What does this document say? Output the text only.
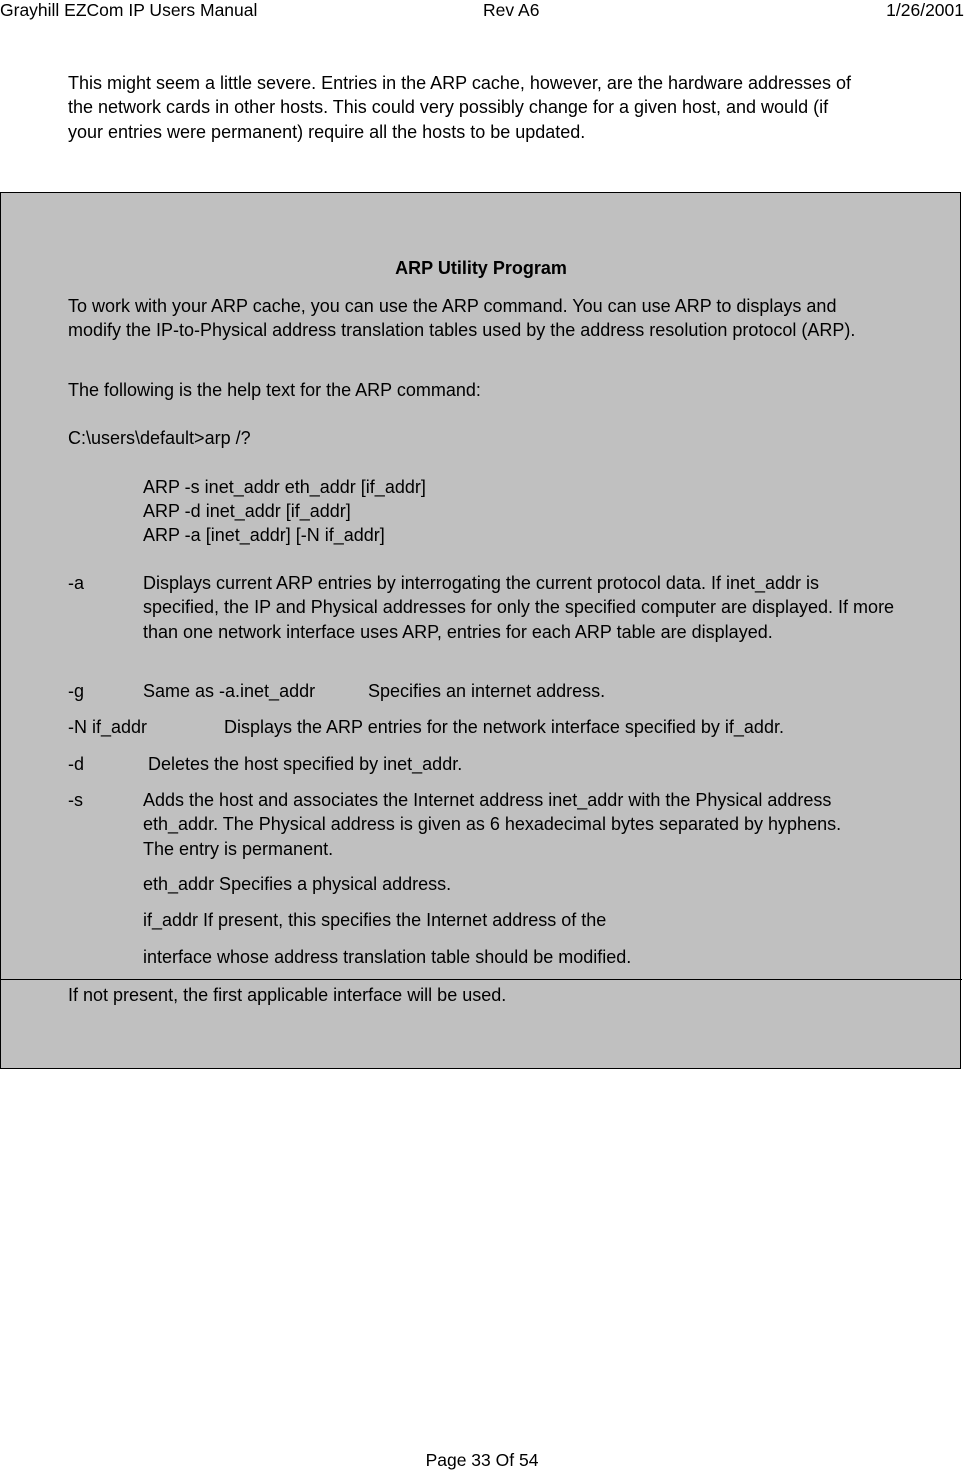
Grayhill EZCom IP Users Manual	Rev A6	1/26/2001

This might seem a little severe. Entries in the ARP cache, however, are the hardware addresses of the network cards in other hosts. This could very possibly change for a given host, and would (if your entries were permanent) require all the hosts to be updated.

ARP Utility Program

To work with your ARP cache, you can use the ARP command. You can use ARP to displays and modify the IP-to-Physical address translation tables used by the address resolution protocol (ARP).

The following is the help text for the ARP command:

C:\users\default>arp /?

ARP -s inet_addr eth_addr [if_addr]

ARP -d inet_addr [if_addr]

ARP -a [inet_addr] [-N if_addr]

-a	Displays current ARP entries by interrogating the current protocol data. If inet_addr is specified, the IP and Physical addresses for only the specified computer are displayed. If more than one network interface uses ARP, entries for each ARP table are displayed.

-g	Same as -a.inet_addr	Specifies an internet address.

-N if_addr	Displays the ARP entries for the network interface specified by if_addr.

-d	Deletes the host specified by inet_addr.

-s	Adds the host and associates the Internet address inet_addr with the Physical address eth_addr. The Physical address is given as 6 hexadecimal bytes separated by hyphens. The entry is permanent.

eth_addr Specifies a physical address.

if_addr If present, this specifies the Internet address of the

interface whose address translation table should be modified.

If not present, the first applicable interface will be used.

Page 33 Of 54
